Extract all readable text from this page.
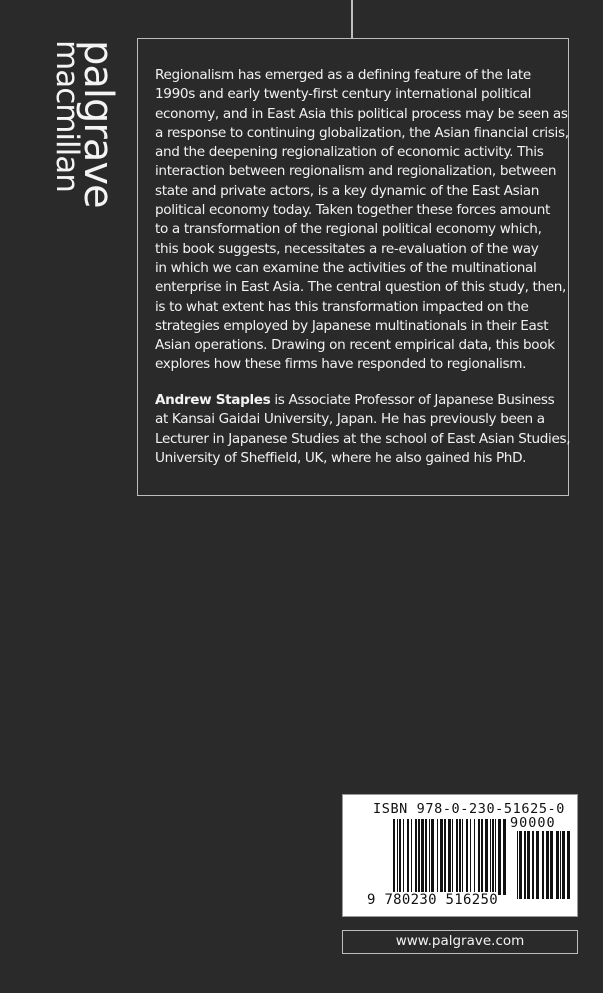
palgrave
macmillan	Regionalism has emerged as a defining feature of the late
1990s and early twenty-first century international political
economy, and in East Asia this political process may be seen as
a response to continuing globalization, the Asian financial crisis,
and the deepening regionalization of economic activity. This
interaction between regionalism and regionalization, between
state and private actors, is a key dynamic of the East Asian
political economy today. Taken together these forces amount
to a transformation of the regional political economy which,
this book suggests, necessitates a re-evaluation of the way
in which we can examine the activities of the multinational
enterprise in East Asia. The central question of this study, then,
is to what extent has this transformation impacted on the
strategies employed by Japanese multinationals in their East
Asian operations. Drawing on recent empirical data, this book
explores how these firms have responded to regionalism.
Andrew Staples is Associate Professor of Japanese Business
at Kansai Gaidai University, Japan. He has previously been a
Lecturer in Japanese Studies at the school of East Asian Studies,
University of Sheffield, UK, where he also gained his PhD.
ISBN 978-0-230-51625-0
90000
9 780230 516250
www.palgrave.com
